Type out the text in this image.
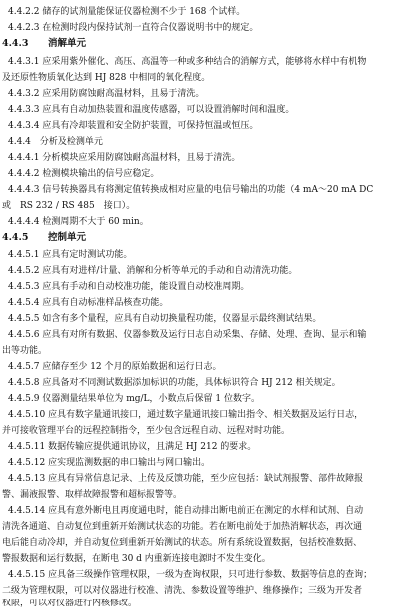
4.4.2.2 储存的试剂量能保证仪器检测不少于 168 个试样。
4.4.2.3 在检测时段内保持试剂一直符合仪器说明书中的规定。
4.4.3 消解单元
4.4.3.1 应采用紫外催化、高压、高温等一种或多种结合的消解方式，能够将水样中有机物
及还原性物质氧化达到 HJ 828 中相同的氧化程度。
4.4.3.2 应采用防腐蚀耐高温材料，且易于清洗。
4.4.3.3 应具有自动加热装置和温度传感器，可以设置消解时间和温度。
4.4.3.4 应具有冷却装置和安全防护装置，可保持恒温或恒压。
4.4.4　分析及检测单元
4.4.4.1 分析模块应采用防腐蚀耐高温材料，且易于清洗。
4.4.4.2 检测模块输出的信号应稳定。
4.4.4.3 信号转换器具有将测定值转换成相对应量的电信号输出的功能（4 mA～20 mA DC
或　RS 232 / RS 485　接口）。
4.4.4.4 检测周期不大于 60 min。
4.4.5 控制单元
4.4.5.1 应具有定时测试功能。
4.4.5.2 应具有对进样/计量、消解和分析等单元的手动和自动清洗功能。
4.4.5.3 应具有手动和自动校准功能，能设置自动校准周期。
4.4.5.4 应具有自动标准样品核查功能。
4.4.5.5 如含有多个量程，应具有自动切换量程功能，仪器显示最终测试结果。
4.4.5.6 应具有对所有数据、仪器参数及运行日志自动采集、存储、处理、查询、显示和输
出等功能。
4.4.5.7 应储存至少 12 个月的原始数据和运行日志。
4.4.5.8 应具备对不同测试数据添加标识的功能，具体标识符合 HJ 212 相关规定。
4.4.5.9 仪器测量结果单位为 mg/L，小数点后保留 1 位数字。
4.4.5.10 应具有数字量通讯接口，通过数字量通讯接口输出指令、相关数据及运行日志，
并可接收管理平台的远程控制指令，至少包含远程自动、远程对时功能。
4.4.5.11 数据传输应提供通讯协议，且满足 HJ 212 的要求。
4.4.5.12 应实现监测数据的串口输出与网口输出。
4.4.5.13 应具有异常信息记录、上传及反馈功能，至少应包括：缺试剂报警、部件故障报
警、漏液报警、取样故障报警和超标报警等。
4.4.5.14 应具有意外断电且再度通电时，能自动排出断电前正在测定的水样和试剂、自动
清洗各通道、自动复位到重新开始测试状态的功能。若在断电前处于加热消解状态，再次通
电后能自动冷却，并自动复位到重新开始测试的状态。所有系统设置数据，包括校准数据、
警报数据和运行数据，在断电 30 d 内重新连接电源时不发生变化。
4.4.5.15 应具备三级操作管理权限，一级为查询权限，只可进行参数、数据等信息的查询；
二级为管理权限，可以对仪器进行校准、清洗、参数设置等维护、维修操作；三级为开发者
权限，可以对仪器进行内核修改。
